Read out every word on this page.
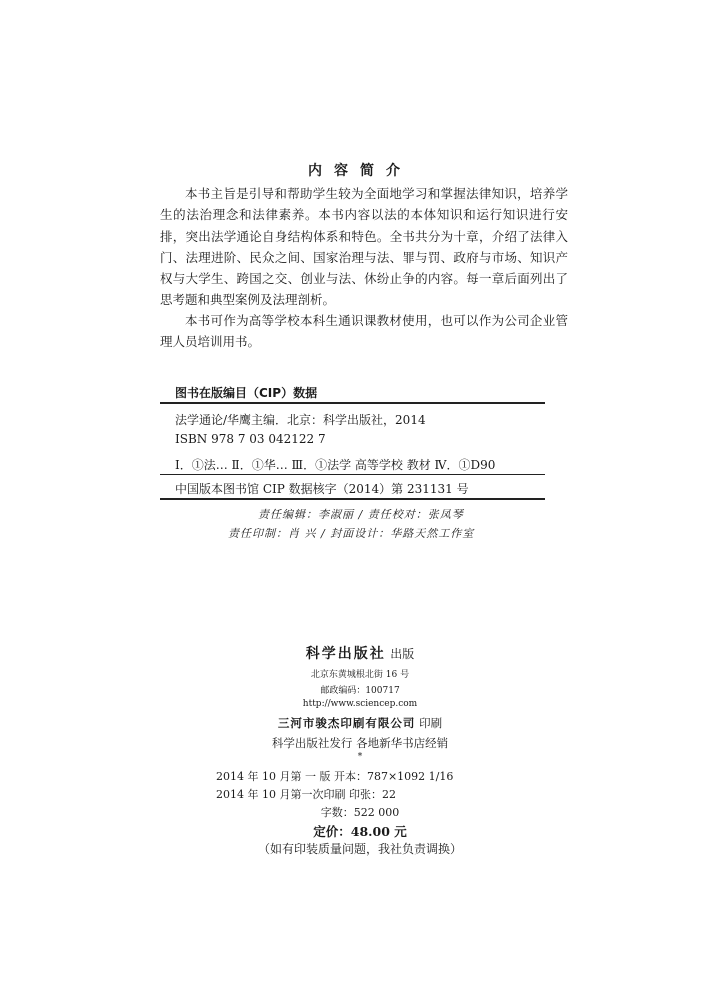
内容简介

本书主旨是引导和帮助学生较为全面地学习和掌握法律知识，培养学生的法治理念和法律素养。本书内容以法的本体知识和运行知识进行安排，突出法学通论自身结构体系和特色。全书共分为十章，介绍了法律入门、法理进阶、民众之间、国家治理与法、罪与罚、政府与市场、知识产权与大学生、跨国之交、创业与法、休纷止争的内容。每一章后面列出了思考题和典型案例及法理剖析。

本书可作为高等学校本科生通识课教材使用，也可以作为公司企业管理人员培训用书。

图书在版编目（CIP）数据
法学通论/华鹰主编．北京：科学出版社，2014
ISBN 978 7 03 042122 7
Ⅰ．①法… Ⅱ．①华… Ⅲ．①法学 高等学校 教材 Ⅳ．①D90
中国版本图书馆 CIP 数据核字（2014）第 231131 号
责任编辑：李淑丽 / 责任校对：张凤琴
责任印制：肖 兴 / 封面设计：华路天然工作室
科学出版社 出版
北京东黄城根北街 16 号
邮政编码：100717
http://www.sciencep.com
三河市骏杰印刷有限公司 印刷
科学出版社发行 各地新华书店经销
*
2014 年 10 月第 一 版 开本：787×1092 1/16
2014 年 10 月第一次印刷 印张：22
字数：522 000
定价：48.00 元
（如有印装质量问题，我社负责调换）
